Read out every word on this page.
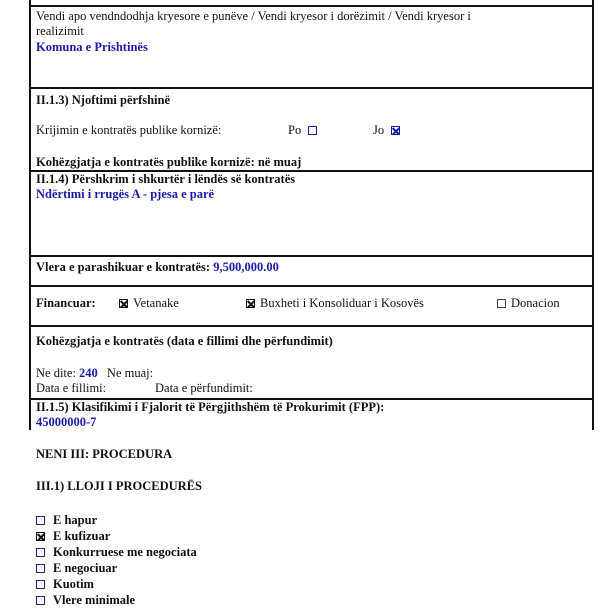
Vendi apo vendndodhja kryesore e punëve / Vendi kryesor i dorëzimit / Vendi kryesor i
realizimit
Komuna e Prishtinës
II.1.3) Njoftimi përfshinë
Krijimin e kontratës publike kornizë:	Po	Jo
Kohëzgjatja e kontratës publike kornizë: në muaj
II.1.4) Përshkrim i shkurtër i lëndës së kontratës
Ndërtimi i rrugës A - pjesa e parë
Vlera e parashikuar e kontratës: 9,500,000.00
Financuar:	Vetanake	Buxheti i Konsoliduar i Kosovës	Donacion
Kohëzgjatja e kontratës (data e fillimi dhe përfundimit)
Ne dite: 240 Ne muaj:
Data e fillimi:	Data e përfundimit:
II.1.5) Klasifikimi i Fjalorit të Përgjithshëm të Prokurimit (FPP):
45000000-7
NENI III: PROCEDURA
III.1) LLOJI I PROCEDURËS
E hapur
E kufizuar
Konkurruese me negociata
E negociuar
Kuotim
Vlere minimale
